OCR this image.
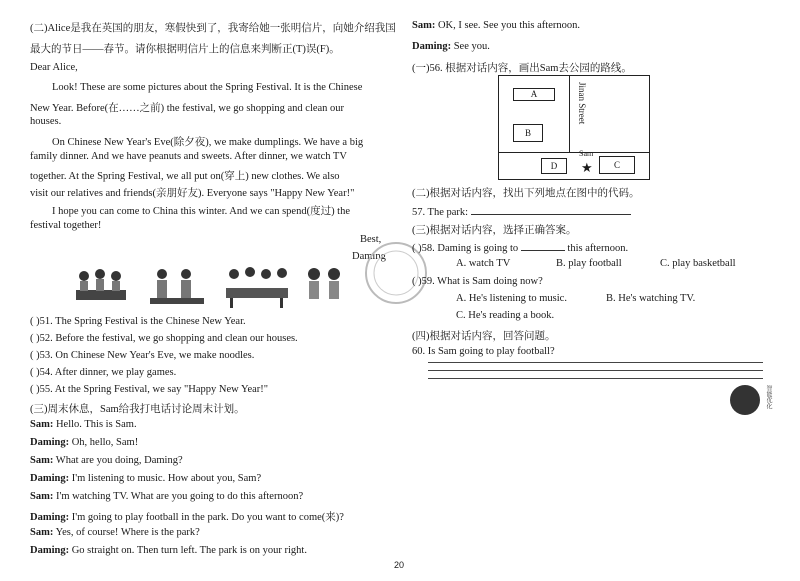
(二)Alice是我在英国的朋友，寒假快到了，我寄给她一张明信片，向她介绍我国
最大的节日——春节。请你根据明信片上的信息来判断正(T)误(F)。
Dear Alice,
Look! These are some pictures about the Spring Festival. It is the Chinese
New Year. Before(在……之前) the festival, we go shopping and clean our
houses.
On Chinese New Year's Eve(除夕夜), we make dumplings. We have a big
family dinner. And we have peanuts and sweets. After dinner, we watch TV
together. At the Spring Festival, we all put on(穿上) new clothes. We also
visit our relatives and friends(亲朋好友). Everyone says "Happy New Year!"
I hope you can come to China this winter. And we can spend(度过) the
festival together!
Best,
Daming
( )51. The Spring Festival is the Chinese New Year.
( )52. Before the festival, we go shopping and clean our houses.
( )53. On Chinese New Year's Eve, we make noodles.
( )54. After dinner, we play games.
( )55. At the Spring Festival, we say "Happy New Year!"
(三)周末休息，Sam给我打电话讨论周末计划。
Sam: Hello. This is Sam.
Daming: Oh, hello, Sam!
Sam: What are you doing, Daming?
Daming: I'm listening to music. How about you, Sam?
Sam: I'm watching TV. What are you going to do this afternoon?
Daming: I'm going to play football in the park. Do you want to come(来)?
Sam: Yes, of course! Where is the park?
Daming: Go straight on. Then turn left. The park is on your right.
Sam: OK, I see. See you this afternoon.
Daming: See you.
(一)56. 根据对话内容，画出Sam去公园的路线。
A
B
Jinan Street
D
Sam
★	C
(二)根据对话内容，找出下列地点在图中的代码。
57. The park:
(三)根据对话内容，选择正确答案。
( )58. Daming is going to	this afternoon.
A. watch TV	B. play football	C. play basketball
( )59. What is Sam doing now?
A. He's listening to music.	B. He's watching TV.
C. He's reading a book.
(四)根据对话内容，回答问题。
60. Is Sam going to play football?
智能优化
20
